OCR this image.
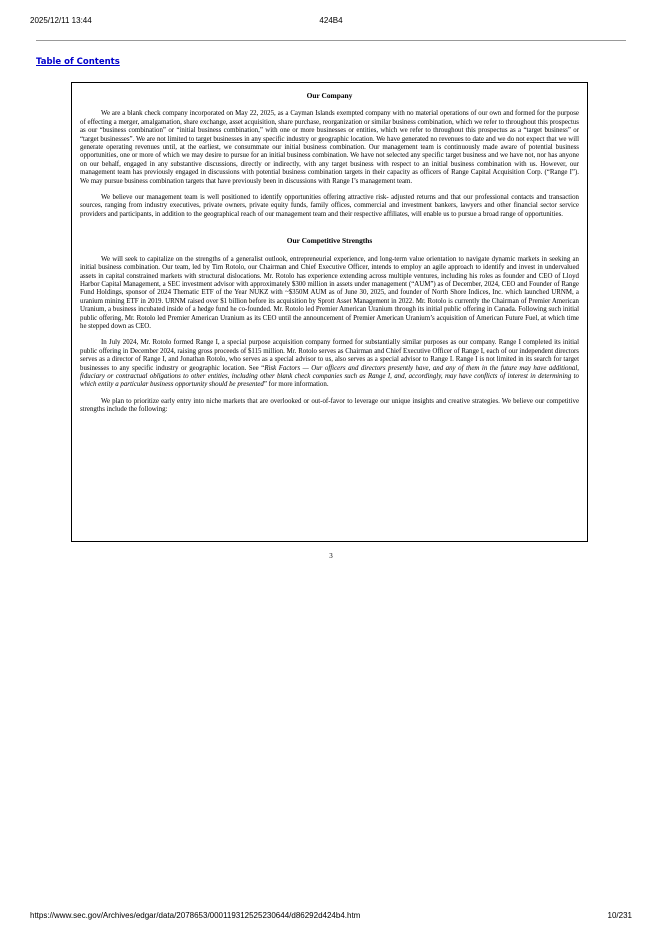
2025/12/11 13:44	424B4
Table of Contents
Our Company

We are a blank check company incorporated on May 22, 2025, as a Cayman Islands exempted company with no material operations of our own and formed for the purpose of effecting a merger, amalgamation, share exchange, asset acquisition, share purchase, reorganization or similar business combination, which we refer to throughout this prospectus as our “business combination” or “initial business combination,” with one or more businesses or entities, which we refer to throughout this prospectus as a “target business” or “target businesses”. We are not limited to target businesses in any specific industry or geographic location. We have generated no revenues to date and we do not expect that we will generate operating revenues until, at the earliest, we consummate our initial business combination. Our management team is continuously made aware of potential business opportunities, one or more of which we may desire to pursue for an initial business combination. We have not selected any specific target business and we have not, nor has anyone on our behalf, engaged in any substantive discussions, directly or indirectly, with any target business with respect to an initial business combination with us. However, our management team has previously engaged in discussions with potential business combination targets in their capacity as officers of Range Capital Acquisition Corp. (“Range I”). We may pursue business combination targets that have previously been in discussions with Range I’s management team.

We believe our management team is well positioned to identify opportunities offering attractive risk- adjusted returns and that our professional contacts and transaction sources, ranging from industry executives, private owners, private equity funds, family offices, commercial and investment bankers, lawyers and other financial sector service providers and participants, in addition to the geographical reach of our management team and their respective affiliates, will enable us to pursue a broad range of opportunities.

Our Competitive Strengths

We will seek to capitalize on the strengths of a generalist outlook, entrepreneurial experience, and long-term value orientation to navigate dynamic markets in seeking an initial business combination. Our team, led by Tim Rotolo, our Chairman and Chief Executive Officer, intends to employ an agile approach to identify and invest in undervalued assets in capital constrained markets with structural dislocations. Mr. Rotolo has experience extending across multiple ventures, including his roles as founder and CEO of Lloyd Harbor Capital Management, a SEC investment advisor with approximately $300 million in assets under management (“AUM”) as of December, 2024, CEO and Founder of Range Fund Holdings, sponsor of 2024 Thematic ETF of the Year NUKZ with ~$350M AUM as of June 30, 2025, and founder of North Shore Indices, Inc. which launched URNM, a uranium mining ETF in 2019. URNM raised over $1 billion before its acquisition by Sprott Asset Management in 2022. Mr. Rotolo is currently the Chairman of Premier American Uranium, a business incubated inside of a hedge fund he co-founded. Mr. Rotolo led Premier American Uranium through its initial public offering in Canada. Following such initial public offering, Mr. Rotolo led Premier American Uranium as its CEO until the announcement of Premier American Uranium’s acquisition of American Future Fuel, at which time he stepped down as CEO.

In July 2024, Mr. Rotolo formed Range I, a special purpose acquisition company formed for substantially similar purposes as our company. Range I completed its initial public offering in December 2024, raising gross proceeds of $115 million. Mr. Rotolo serves as Chairman and Chief Executive Officer of Range I, each of our independent directors serves as a director of Range I, and Jonathan Rotolo, who serves as a special advisor to us, also serves as a special advisor to Range I. Range I is not limited in its search for target businesses to any specific industry or geographic location. See “Risk Factors — Our officers and directors presently have, and any of them in the future may have additional, fiduciary or contractual obligations to other entities, including other blank check companies such as Range I, and, accordingly, may have conflicts of interest in determining to which entity a particular business opportunity should be presented” for more information.

We plan to prioritize early entry into niche markets that are overlooked or out-of-favor to leverage our unique insights and creative strategies. We believe our competitive strengths include the following:

3
https://www.sec.gov/Archives/edgar/data/2078653/000119312525230644/d86292d424b4.htm	10/231
